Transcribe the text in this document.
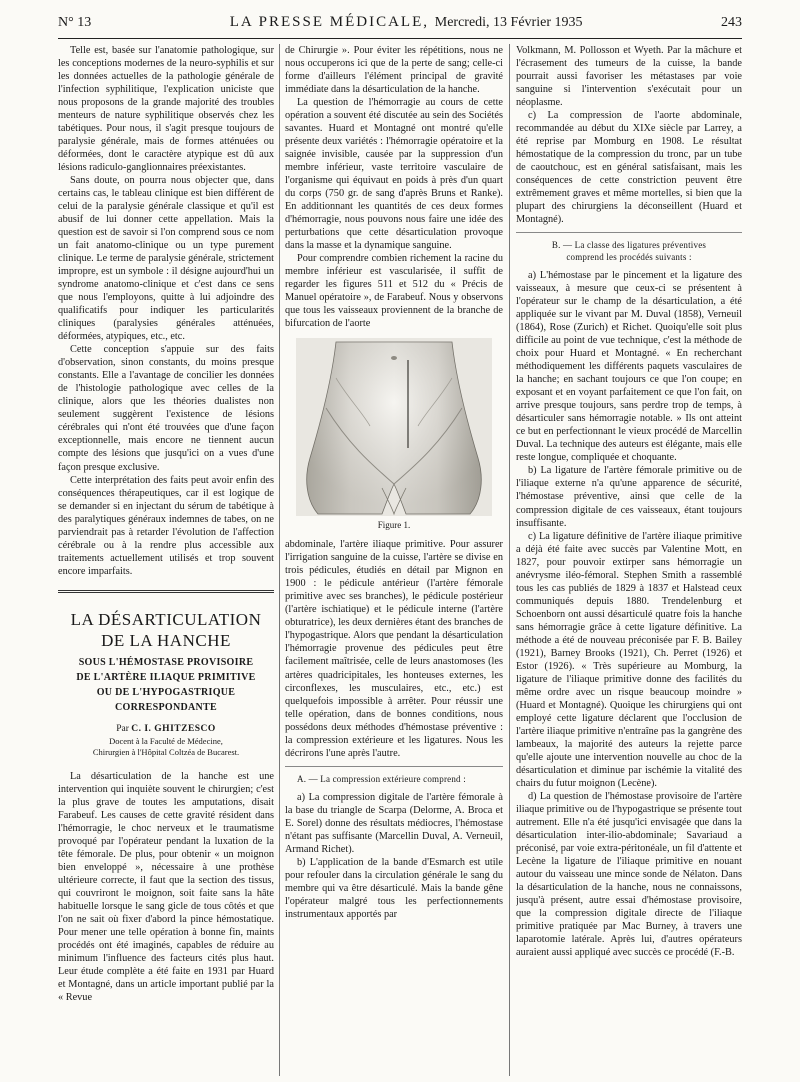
N° 13	LA PRESSE MÉDICALE, Mercredi, 13 Février 1935	243

Telle est, basée sur l'anatomie pathologique, sur les conceptions modernes de la neuro-syphilis et sur les données actuelles de la pathologie générale de l'infection syphilitique, l'explication uniciste que nous proposons de la grande majorité des troubles menteurs de nature syphilitique observés chez les tabétiques. Pour nous, il s'agit presque toujours de paralysie générale, mais de formes atténuées ou déformées, dont le caractère atypique est dû aux lésions radiculo-ganglionnaires préexistantes.

Sans doute, on pourra nous objecter que, dans certains cas, le tableau clinique est bien différent de celui de la paralysie générale classique et qu'il est abusif de lui donner cette appellation. Mais la question est de savoir si l'on comprend sous ce nom un fait anatomo-clinique ou un type purement clinique. Le terme de paralysie générale, strictement impropre, est un symbole : il désigne aujourd'hui un syndrome anatomo-clinique et c'est dans ce sens que nous l'employons, quitte à lui adjoindre des qualificatifs pour indiquer les particularités cliniques (paralysies générales atténuées, déformées, atypiques, etc., etc.

Cette conception s'appuie sur des faits d'observation, sinon constants, du moins presque constants. Elle a l'avantage de concilier les données de l'histologie pathologique avec celles de la clinique, alors que les théories dualistes non seulement suggèrent l'existence de lésions cérébrales qui n'ont été trouvées que d'une façon exceptionnelle, mais encore ne tiennent aucun compte des lésions que jusqu'ici on a vues d'une façon presque exclusive.

Cette interprétation des faits peut avoir enfin des conséquences thérapeutiques, car il est logique de se demander si en injectant du sérum de tabétique à des paralytiques généraux indemnes de tabes, on ne parviendrait pas à retarder l'évolution de l'affection cérébrale ou à la rendre plus accessible aux traitements actuellement utilisés et trop souvent encore imparfaits.

LA DÉSARTICULATION DE LA HANCHE
SOUS L'HÉMOSTASE PROVISOIRE
DE L'ARTÈRE ILIAQUE PRIMITIVE
OU DE L'HYPOGASTRIQUE
CORRESPONDANTE
Par C. I. GHITZESCO
Docent à la Faculté de Médecine,
Chirurgien à l'Hôpital Coltzéa de Bucarest.

La désarticulation de la hanche est une intervention qui inquiète souvent le chirurgien; c'est la plus grave de toutes les amputations, disait Farabeuf. Les causes de cette gravité résident dans l'hémorragie, le choc nerveux et le traumatisme provoqué par l'opérateur pendant la luxation de la tête fémorale. De plus, pour obtenir « un moignon bien enveloppé », nécessaire à une prothèse ultérieure correcte, il faut que la section des tissus, qui couvriront le moignon, soit faite sans la hâte habituelle lorsque le sang gicle de tous côtés et que l'on ne sait où fixer d'abord la pince hémostatique. Pour mener une telle opération à bonne fin, maints procédés ont été imaginés, capables de réduire au minimum l'influence des facteurs cités plus haut. Leur étude complète a été faite en 1931 par Huard et Montagné, dans un article important publié par la « Revue

de Chirurgie ». Pour éviter les répétitions, nous ne nous occuperons ici que de la perte de sang; celle-ci forme d'ailleurs l'élément principal de gravité immédiate dans la désarticulation de la hanche.

La question de l'hémorragie au cours de cette opération a souvent été discutée au sein des Sociétés savantes. Huard et Montagné ont montré qu'elle présente deux variétés : l'hémorragie opératoire et la saignée invisible, causée par la suppression d'un membre inférieur, vaste territoire vasculaire de l'organisme qui équivaut en poids à près d'un quart du corps (750 gr. de sang d'après Bruns et Ranke). En additionnant les quantités de ces deux formes d'hémorragie, nous pouvons nous faire une idée des perturbations que cette désarticulation provoque dans la masse et la dynamique sanguine.

Pour comprendre combien richement la racine du membre inférieur est vascularisée, il suffit de regarder les figures 511 et 512 du « Précis de Manuel opératoire », de Farabeuf. Nous y observons que tous les vaisseaux proviennent de la branche de bifurcation de l'aorte

Figure 1.

abdominale, l'artère iliaque primitive. Pour assurer l'irrigation sanguine de la cuisse, l'artère se divise en trois pédicules, étudiés en détail par Mignon en 1900 : le pédicule antérieur (l'artère fémorale primitive avec ses branches), le pédicule postérieur (l'artère ischiatique) et le pédicule interne (l'artère obturatrice), les deux dernières étant des branches de l'hypogastrique. Alors que pendant la désarticulation l'hémorragie provenue des pédicules peut être facilement maîtrisée, celle de leurs anastomoses (les artères quadricipitales, les honteuses externes, les circonflexes, les musculaires, etc., etc.) est quelquefois impossible à arrêter. Pour réussir une telle opération, dans de bonnes conditions, nous possédons deux méthodes d'hémostase préventive : la compression extérieure et les ligatures. Nous les décrirons l'une après l'autre.

A. — La compression extérieure comprend :

a) La compression digitale de l'artère fémorale à la base du triangle de Scarpa (Delorme, A. Broca et E. Sorel) donne des résultats médiocres, l'hémostase n'étant pas suffisante (Marcellin Duval, A. Verneuil, Armand Richet).

b) L'application de la bande d'Esmarch est utile pour refouler dans la circulation générale le sang du membre qui va être désarticulé. Mais la bande gêne l'opérateur malgré tous les perfectionnements instrumentaux apportés par

Volkmann, M. Pollosson et Wyeth. Par la mâchure et l'écrasement des tumeurs de la cuisse, la bande pourrait aussi favoriser les métastases par voie sanguine si l'intervention s'exécutait pour un néoplasme.

c) La compression de l'aorte abdominale, recommandée au début du XIXe siècle par Larrey, a été reprise par Momburg en 1908. Le résultat hémostatique de la compression du tronc, par un tube de caoutchouc, est en général satisfaisant, mais les conséquences de cette constriction peuvent être extrêmement graves et même mortelles, si bien que la plupart des chirurgiens la déconseillent (Huard et Montagné).

B. — La classe des ligatures préventives
comprend les procédés suivants :

a) L'hémostase par le pincement et la ligature des vaisseaux, à mesure que ceux-ci se présentent à l'opérateur sur le champ de la désarticulation, a été appliquée sur le vivant par M. Duval (1858), Verneuil (1864), Rose (Zurich) et Richet. Quoiqu'elle soit plus difficile au point de vue technique, c'est la méthode de choix pour Huard et Montagné. « En recherchant méthodiquement les différents paquets vasculaires de la hanche; en sachant toujours ce que l'on coupe; en exposant et en voyant parfaitement ce que l'on fait, on arrive presque toujours, sans perdre trop de temps, à désarticuler sans hémorragie notable. » Ils ont atteint ce but en perfectionnant le vieux procédé de Marcellin Duval. La technique des auteurs est élégante, mais elle reste longue, compliquée et choquante.

b) La ligature de l'artère fémorale primitive ou de l'iliaque externe n'a qu'une apparence de sécurité, l'hémostase préventive, ainsi que celle de la compression digitale de ces vaisseaux, étant toujours insuffisante.

c) La ligature définitive de l'artère iliaque primitive a déjà été faite avec succès par Valentine Mott, en 1827, pour pouvoir extirper sans hémorragie un anévrysme iléo-fémoral. Stephen Smith a rassemblé tous les cas publiés de 1829 à 1837 et Halstead ceux communiqués depuis 1880. Trendelenburg et Schoenborn ont aussi désarticulé quatre fois la hanche sans hémorragie grâce à cette ligature définitive. La méthode a été de nouveau préconisée par F. B. Bailey (1921), Barney Brooks (1921), Ch. Perret (1926) et Estor (1926). « Très supérieure au Momburg, la ligature de l'iliaque primitive donne des facilités du même ordre avec un risque beaucoup moindre » (Huard et Montagné). Quoique les chirurgiens qui ont employé cette ligature déclarent que l'occlusion de l'artère iliaque primitive n'entraîne pas la gangrène des lambeaux, la majorité des auteurs la rejette parce qu'elle ajoute une intervention nouvelle au choc de la désarticulation et diminue par ischémie la vitalité des chairs du futur moignon (Lecène).

d) La question de l'hémostase provisoire de l'artère iliaque primitive ou de l'hypogastrique se présente tout autrement. Elle n'a été jusqu'ici envisagée que dans la désarticulation inter-ilio-abdominale; Savariaud a préconisé, par voie extra-péritonéale, un fil d'attente et Lecène la ligature de l'iliaque primitive en nouant autour du vaisseau une mince sonde de Nélaton. Dans la désarticulation de la hanche, nous ne connaissons, jusqu'à présent, autre essai d'hémostase provisoire, que la compression digitale directe de l'iliaque primitive pratiquée par Mac Burney, à travers une laparotomie latérale. Après lui, d'autres opérateurs auraient aussi appliqué avec succès ce procédé (F.-B.
